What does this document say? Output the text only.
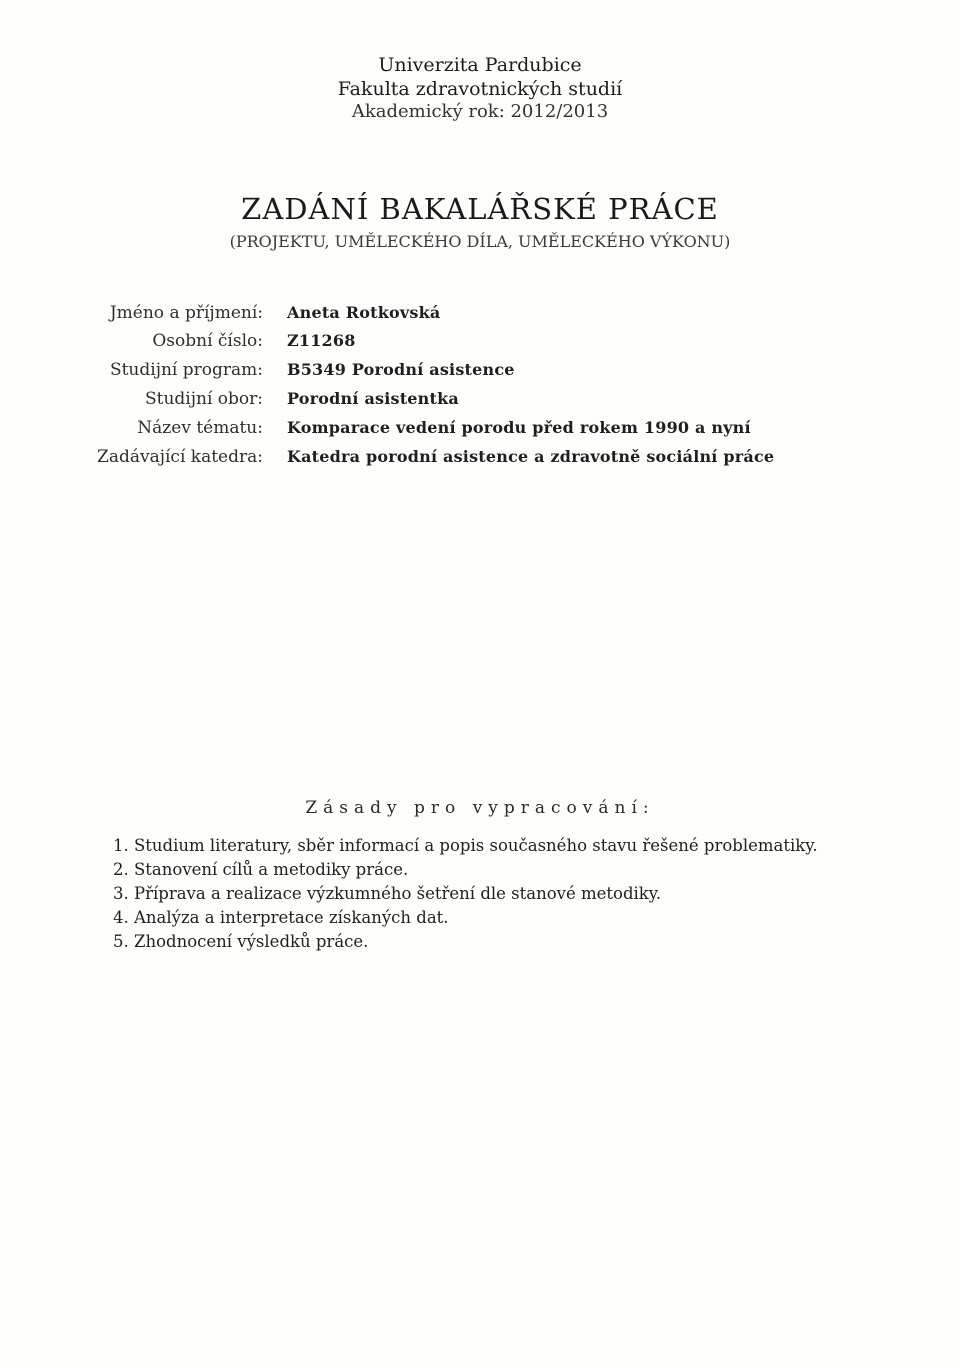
Univerzita Pardubice
Fakulta zdravotnických studií
Akademický rok: 2012/2013
ZADÁNÍ BAKALÁŘSKÉ PRÁCE
(PROJEKTU, UMĚLECKÉHO DÍLA, UMĚLECKÉHO VÝKONU)
Jméno a příjmení: Aneta Rotkovská
Osobní číslo: Z11268
Studijní program: B5349 Porodní asistence
Studijní obor: Porodní asistentka
Název tématu: Komparace vedení porodu před rokem 1990 a nyní
Zadávající katedra: Katedra porodní asistence a zdravotně sociální práce
Zásady pro vypracování:
1. Studium literatury, sběr informací a popis současného stavu řešené problematiky.
2. Stanovení cílů a metodiky práce.
3. Příprava a realizace výzkumného šetření dle stanové metodiky.
4. Analýza a interpretace získaných dat.
5. Zhodnocení výsledků práce.
